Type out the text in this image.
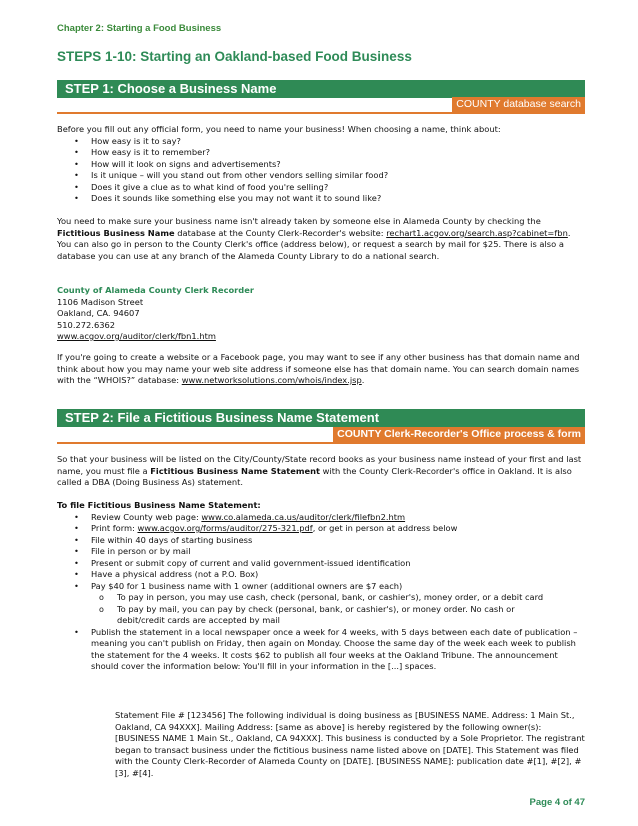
Chapter 2: Starting a Food Business
STEPS 1-10: Starting an Oakland-based Food Business
STEP 1: Choose a Business Name
COUNTY database search

Before you fill out any official form, you need to name your business! When choosing a name, think about:

• How easy is it to say?
• How easy is it to remember?
• How will it look on signs and advertisements?
• Is it unique – will you stand out from other vendors selling similar food?
• Does it give a clue as to what kind of food you're selling?
• Does it sounds like something else you may not want it to sound like?

You need to make sure your business name isn't already taken by someone else in Alameda County by checking the Fictitious Business Name database at the County Clerk-Recorder's website: rechart1.acgov.org/search.asp?cabinet=fbn. You can also go in person to the County Clerk's office (address below), or request a search by mail for $25. There is also a database you can use at any branch of the Alameda County Library to do a national search.

County of Alameda County Clerk Recorder

1106 Madison Street

Oakland, CA. 94607

510.272.6362

www.acgov.org/auditor/clerk/fbn1.htm

If you're going to create a website or a Facebook page, you may want to see if any other business has that domain name and think about how you may name your web site address if someone else has that domain name. You can search domain names with the “WHOIS?” database: www.networksolutions.com/whois/index.jsp.

STEP 2: File a Fictitious Business Name Statement
COUNTY Clerk-Recorder's Office process & form

So that your business will be listed on the City/County/State record books as your business name instead of your first and last name, you must file a Fictitious Business Name Statement with the County Clerk-Recorder's office in Oakland. It is also called a DBA (Doing Business As) statement.

To file Fictitious Business Name Statement:

• Review County web page: www.co.alameda.ca.us/auditor/clerk/filefbn2.htm
• Print form: www.acgov.org/forms/auditor/275-321.pdf, or get in person at address below
• File within 40 days of starting business
• File in person or by mail
• Present or submit copy of current and valid government-issued identification
• Have a physical address (not a P.O. Box)
• Pay $40 for 1 business name with 1 owner (additional owners are $7 each)
o To pay in person, you may use cash, check (personal, bank, or cashier's), money order, or a debit card
o To pay by mail, you can pay by check (personal, bank, or cashier's), or money order. No cash or debit/credit cards are accepted by mail
• Publish the statement in a local newspaper once a week for 4 weeks, with 5 days between each date of publication – meaning you can't publish on Friday, then again on Monday. Choose the same day of the week each week to publish the statement for the 4 weeks. It costs $62 to publish all four weeks at the Oakland Tribune. The announcement should cover the information below: You'll fill in your information in the [...] spaces.

Statement File # [123456] The following individual is doing business as [BUSINESS NAME. Address: 1 Main St., Oakland, CA 94XXX]. Mailing Address: [same as above] is hereby registered by the following owner(s): [BUSINESS NAME 1 Main St., Oakland, CA 94XXX]. This business is conducted by a Sole Proprietor. The registrant began to transact business under the fictitious business name listed above on [DATE]. This Statement was filed with the County Clerk-Recorder of Alameda County on [DATE]. [BUSINESS NAME]: publication date #[1], #[2], #[3], #[4].

Page 4 of 47
